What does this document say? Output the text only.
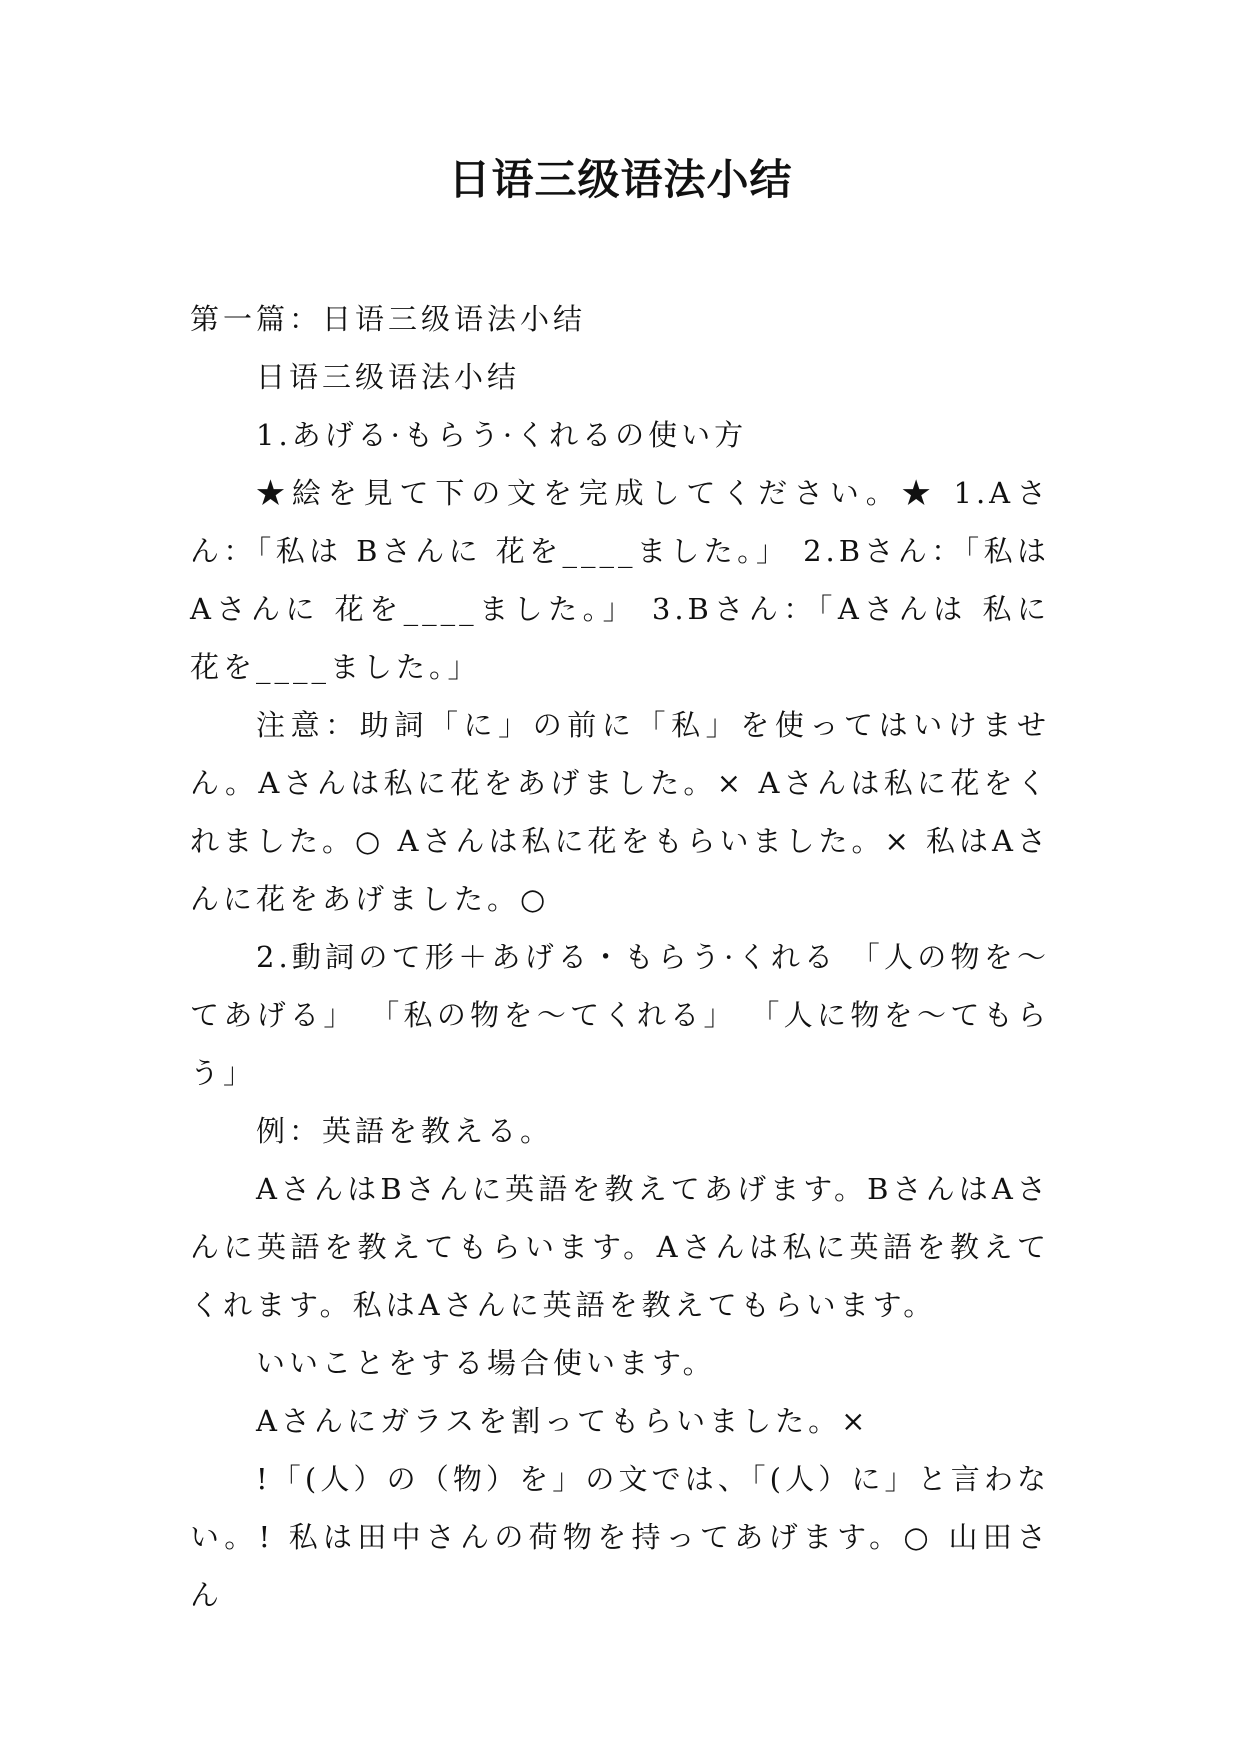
日语三级语法小结

第一篇：日语三级语法小结

日语三级语法小结

1.あげる·もらう·くれるの使い方

★絵を見て下の文を完成してください。★ 1.Aさん：「私は Bさんに 花を____ました。」 2.Bさん：「私は Aさんに 花を____ました。」 3.Bさん：「Aさんは 私に 花を____ました。」

注意：助詞「に」の前に「私」を使ってはいけません。Aさんは私に花をあげました。× Aさんは私に花をくれました。○ Aさんは私に花をもらいました。× 私はAさんに花をあげました。○

2.動詞のて形＋あげる・もらう·くれる 「人の物を～てあげる」 「私の物を～てくれる」 「人に物を～てもらう」

例：英語を教える。

AさんはBさんに英語を教えてあげます。BさんはAさんに英語を教えてもらいます。Aさんは私に英語を教えてくれます。私はAさんに英語を教えてもらいます。

いいことをする場合使います。

Aさんにガラスを割ってもらいました。×

!「(人）の（物）を」の文では、「(人）に」と言わない。! 私は田中さんの荷物を持ってあげます。○ 山田さん
